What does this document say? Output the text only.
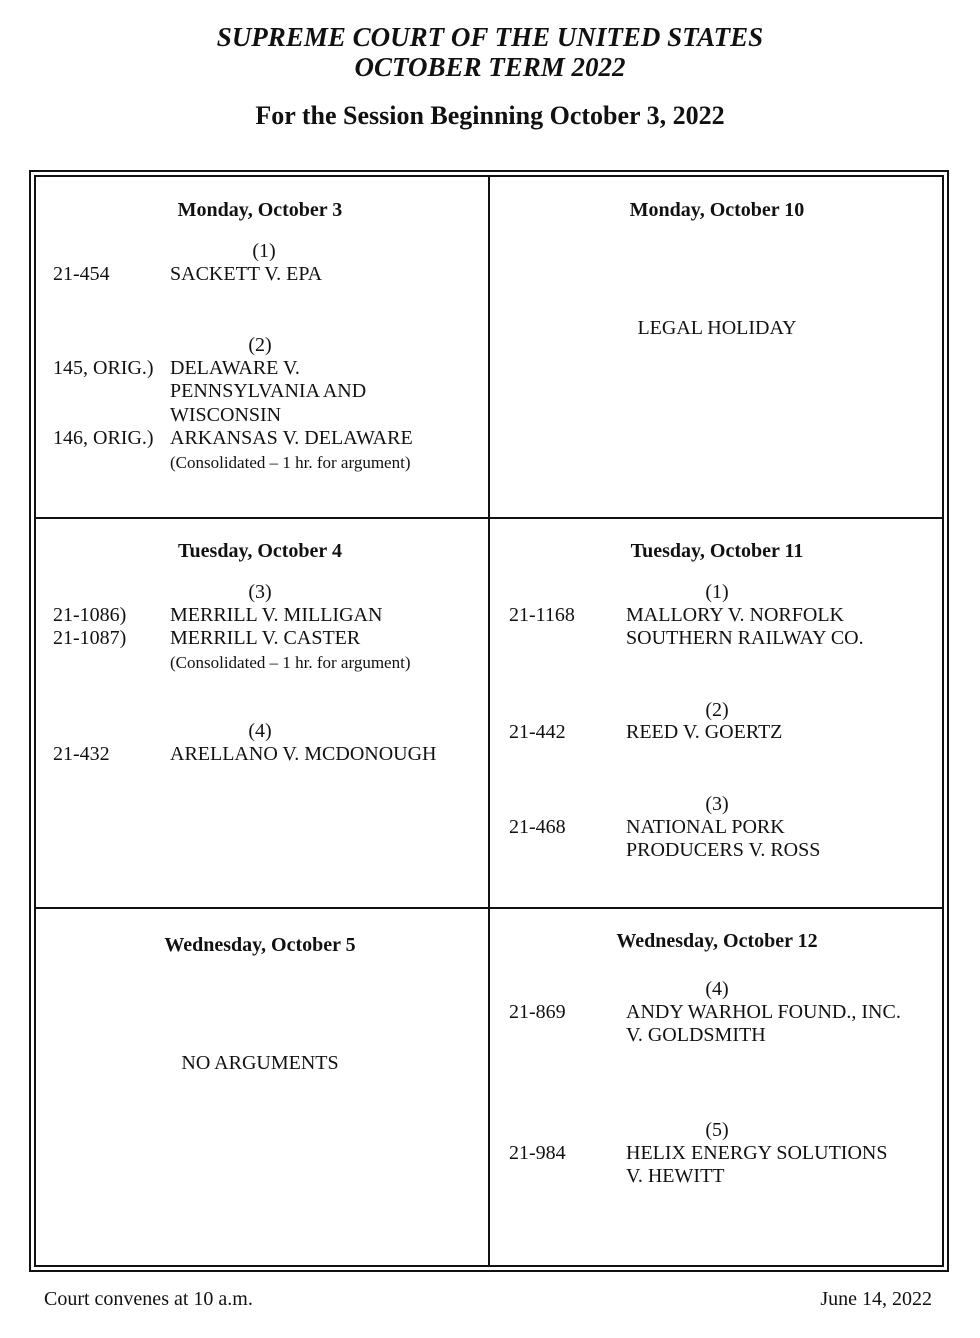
SUPREME COURT OF THE UNITED STATES
OCTOBER TERM 2022
For the Session Beginning October 3, 2022
Monday, October 3
(1)
21-454	SACKETT V. EPA
(2)
145, ORIG.) DELAWARE V.
PENNSYLVANIA AND
WISCONSIN
146, ORIG.) ARKANSAS V. DELAWARE
(Consolidated – 1 hr. for argument)
Monday, October 10
LEGAL HOLIDAY
Tuesday, October 4
(3)
21-1086) MERRILL V. MILLIGAN
21-1087) MERRILL V. CASTER
(Consolidated – 1 hr. for argument)
(4)
21-432	ARELLANO V. MCDONOUGH
Tuesday, October 11
(1)
21-1168	MALLORY V. NORFOLK
SOUTHERN RAILWAY CO.
(2)
21-442	REED V. GOERTZ
(3)
21-468	NATIONAL PORK
PRODUCERS V. ROSS
Wednesday, October 5
NO ARGUMENTS
Wednesday, October 12
(4)
21-869	ANDY WARHOL FOUND., INC.
V. GOLDSMITH
(5)
21-984	HELIX ENERGY SOLUTIONS
V. HEWITT
Court convenes at 10 a.m.	June 14, 2022
